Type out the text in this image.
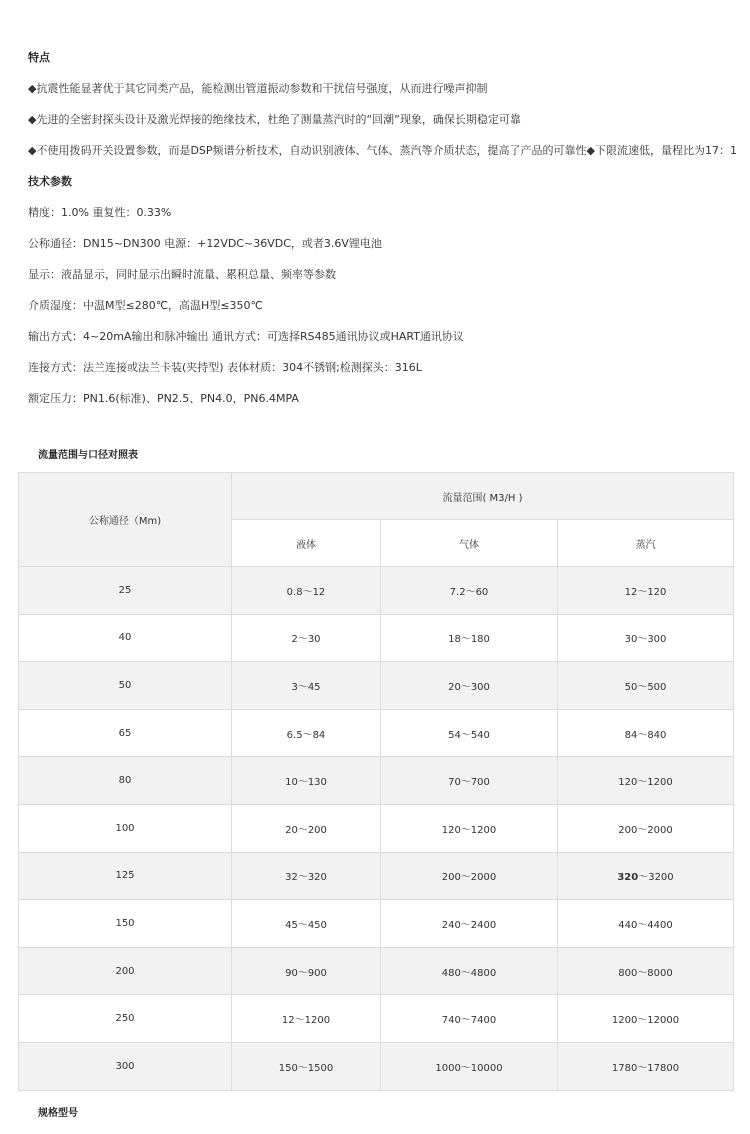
特点
◆抗震性能显著优于其它同类产品，能检测出管道振动参数和干扰信号强度，从而进行噪声抑制
◆先进的全密封探头设计及激光焊接的绝缘技术，杜绝了测量蒸汽时的“回潮”现象，确保长期稳定可靠
◆不使用拨码开关设置参数，而是DSP频谱分析技术，自动识别液体、气体、蒸汽等介质状态，提高了产品的可靠性◆下限流速低，量程比为17：1
技术参数
精度：1.0% 重复性：0.33%
公称通径：DN15~DN300 电源：+12VDC~36VDC，或者3.6V锂电池
显示：液晶显示，同时显示出瞬时流量、累积总量、频率等参数
介质湿度：中温M型≤280℃，高温H型≤350℃
输出方式：4~20mA输出和脉冲输出 通讯方式：可选择RS485通讯协议或HART通讯协议
连接方式：法兰连接或法兰卡装(夹持型) 表体材质：304不锈钢;检测探头：316L
额定压力：PN1.6(标准)、PN2.5、PN4.0，PN6.4MPA
流量范围与口径对照表
公称通径（Mm)	流量范围( M3/H )		
	液体	气体	蒸汽
25	0.8～12	7.2～60	12～120
40	2～30	18～180	30～300
50	3～45	20～300	50～500
65	6.5～84	54～540	84～840
80	10～130	70～700	120～1200
100	20～200	120～1200	200～2000
125	32～320	200～2000	320～3200
150	45～450	240～2400	440～4400
200	90～900	480～4800	800～8000
250	12～1200	740～7400	1200～12000
300	150～1500	1000～10000	1780～17800
规格型号
